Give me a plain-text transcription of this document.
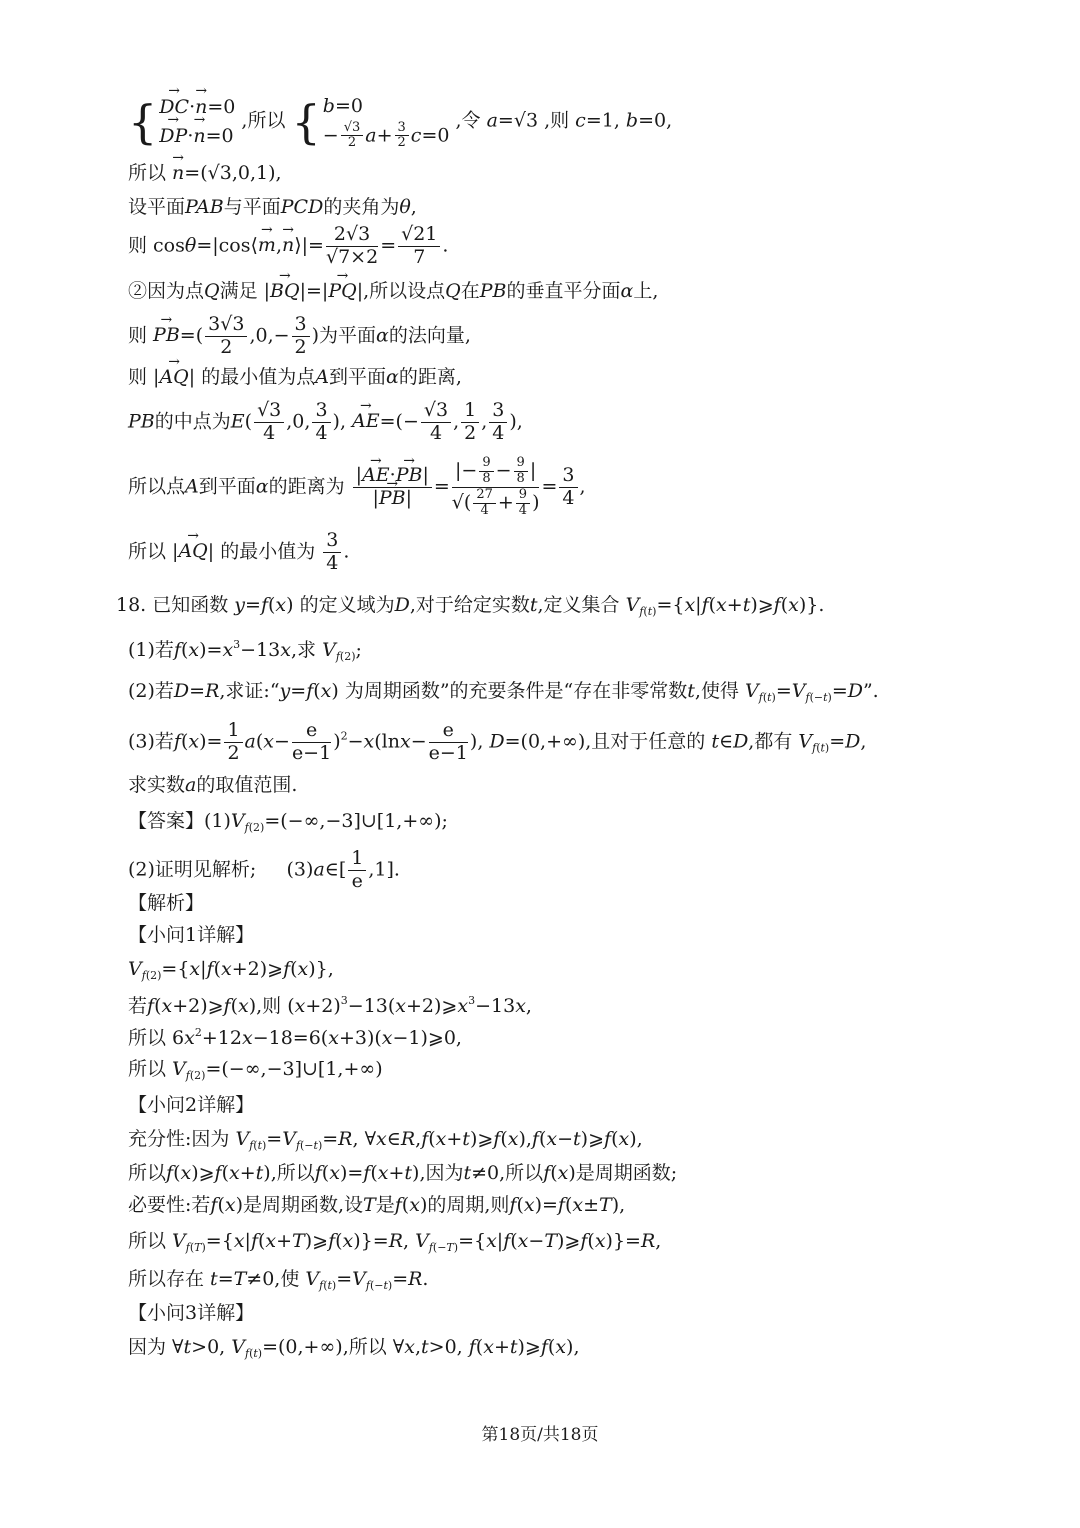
{
→ DC·→ n=0
→ DP·→ n=0
,所以 { b=0
− $\frac{√3}{2} a+ \frac{3}{2} c=0$
,令 a=√3 ,则 c=1, b=0,
所以 → n=(√3,0,1),
设平面PAB与平面PCD的夹角为θ,
则 cosθ=|cos⟨→ m,→ n⟩|= $\frac{2√3}{√7\times 2} = \frac{√21}{7}$ .
②因为点Q满足 |→ BQ|=|→ PQ|,所以设点Q在PB的垂直平分面α上,
则 → $PB=( \frac{3√3}{2} ,0,- \frac{3}{2}$ )为平面α的法向量,
则 |→ AQ| 的最小值为点A到平面α的距离,
PB的中点为$E( \frac{√3}{4} ,0$, $\frac{3}{4}$ ), → $AE=(- \frac{√3}{4}$ , $\frac{1}{2}$ , $\frac{3}{4}$ ),
所以点A到平面α的距离为 $\frac{|\to AE\cdot\to PB|}{|\to PB|} = \frac{|- \frac{9}{8} - \frac{9}{8} |}{√( \frac{27}{4} + \frac{9}{4} )} = \frac{3}{4}$ ,
所以 |→ AQ| 的最小值为 $\frac{3}{4}$ .
18. 已知函数 y=f(x) 的定义域为D,对于给定实数t,定义集合 $V_{f(t)}=\{x|f(x+t)⩾f(x)\}$.
(1)若$f(x)=x^3-13x$,求 $V_{f(2)}$;
(2)若D=R,求证:“y=f(x) 为周期函数”的充要条件是“存在非零常数t,使得 $V_{f(t)}=V_{f(-t)}=D$”.
(3)若$f(x)= \frac{1}{2} a(x- \frac{e}{e-1} )^2-x(\ln x- \frac{e}{e-1}$ ), D=(0,+∞),且对于任意的 t∈D,都有 $V_{f(t)}=D$,
求实数a的取值范围.
【答案】$(1)V_{f(2)}=(-\infty,-3]\cup[1,+\infty)$;
(2)证明见解析;     (3)a∈[ $\frac{1}{e} ,1$].
【解析】
【小问1详解】
$V_{f(2)}=\{x|f(x+2)⩾f(x)\}$,
若f(x+2)⩾f(x),则 $(x+2)^3-13(x+2)⩾x^3-13x$,
所以 $6x^2+12x-18=6(x+3)(x-1)⩾0$,
所以 $V_{f(2)}=(-\infty,-3]\cup[1,+\infty)$
【小问2详解】
充分性:因为 $V_{f(t)}=V_{f(-t)}=R$, ∀x∈R,f(x+t)⩾f(x),f(x−t)⩾f(x),
所以f(x)⩾f(x+t),所以f(x)=f(x+t),因为t≠0,所以f(x)是周期函数;
必要性:若f(x)是周期函数,设T是f(x)的周期,则f(x)=f(x±T),
所以 $V_{f(T)}=\{x|f(x+T)⩾f(x)\}=R$, $V_{f(-T)}=\{x|f(x-T)⩾f(x)\}=R$,
所以存在 t=T≠0,使 $V_{f(t)}=V_{f(-t)}=R$.
【小问3详解】
因为 ∀t>0, $V_{f(t)}=(0,+\infty)$,所以 ∀x,t>0, f(x+t)⩾f(x),
第18页/共18页
